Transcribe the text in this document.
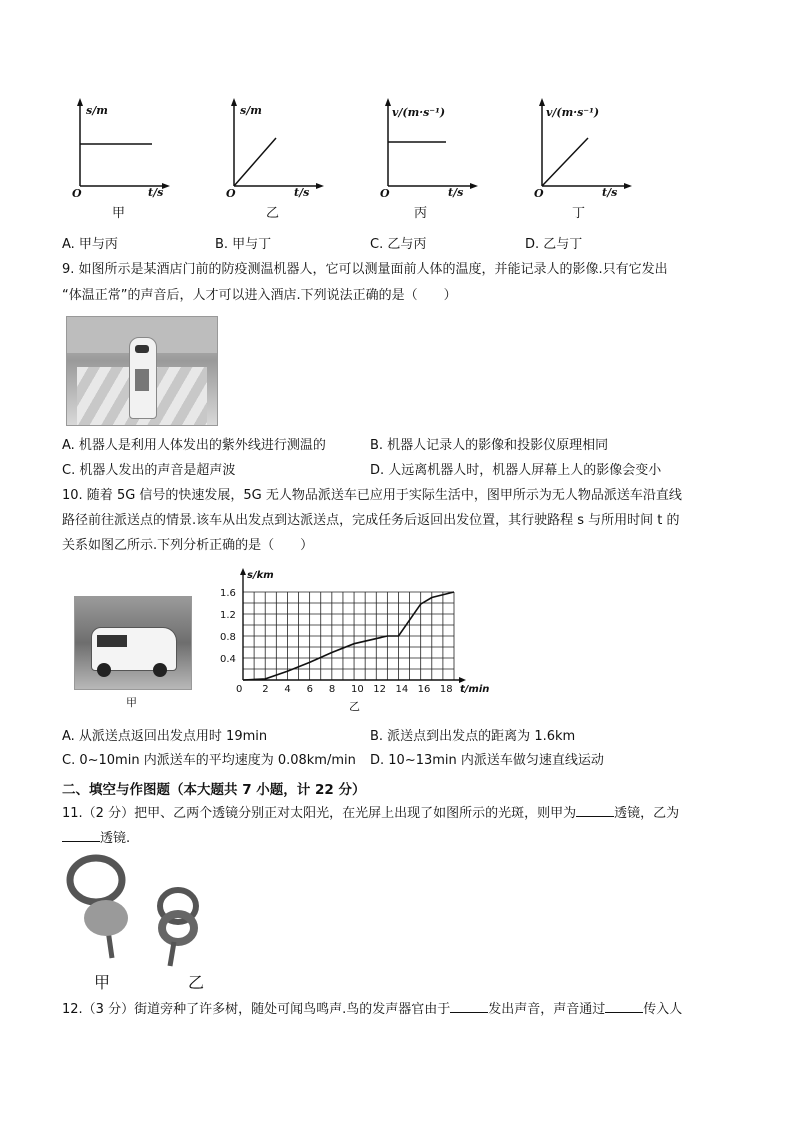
s/m
t/s
O
甲
s/m
t/s
O
乙
v/(m·s⁻¹)
t/s
O
丙
v/(m·s⁻¹)
t/s
O
丁
A. 甲与丙	B. 甲与丁	C. 乙与丙	D. 乙与丁
9. 如图所示是某酒店门前的防疫测温机器人，它可以测量面前人体的温度，并能记录人的影像.只有它发出
“体温正常”的声音后，人才可以进入酒店.下列说法正确的是（　　）
A. 机器人是利用人体发出的紫外线进行测温的	B. 机器人记录人的影像和投影仪原理相同
C. 机器人发出的声音是超声波	D. 人远离机器人时，机器人屏幕上人的影像会变小
10. 随着 5G 信号的快速发展，5G 无人物品派送车已应用于实际生活中，图甲所示为无人物品派送车沿直线
路径前往派送点的情景.该车从出发点到达派送点，完成任务后返回出发位置，其行驶路程 s 与所用时间 t 的
关系如图乙所示.下列分析正确的是（　　）
甲
2 4 6 8 10 12 14 16 18
0.4
0.8
1.2
1.6
0
s/km
t/min
乙
A. 从派送点返回出发点用时 19min	B. 派送点到出发点的距离为 1.6km
C. 0~10min 内派送车的平均速度为 0.08km/min D. 10~13min 内派送车做匀速直线运动
二、填空与作图题（本大题共 7 小题，计 22 分）
11.（2 分）把甲、乙两个透镜分别正对太阳光，在光屏上出现了如图所示的光斑，则甲为	透镜，乙为
透镜.
甲	乙
12.（3 分）街道旁种了许多树，随处可闻鸟鸣声.鸟的发声器官由于	发出声音，声音通过	传入人
